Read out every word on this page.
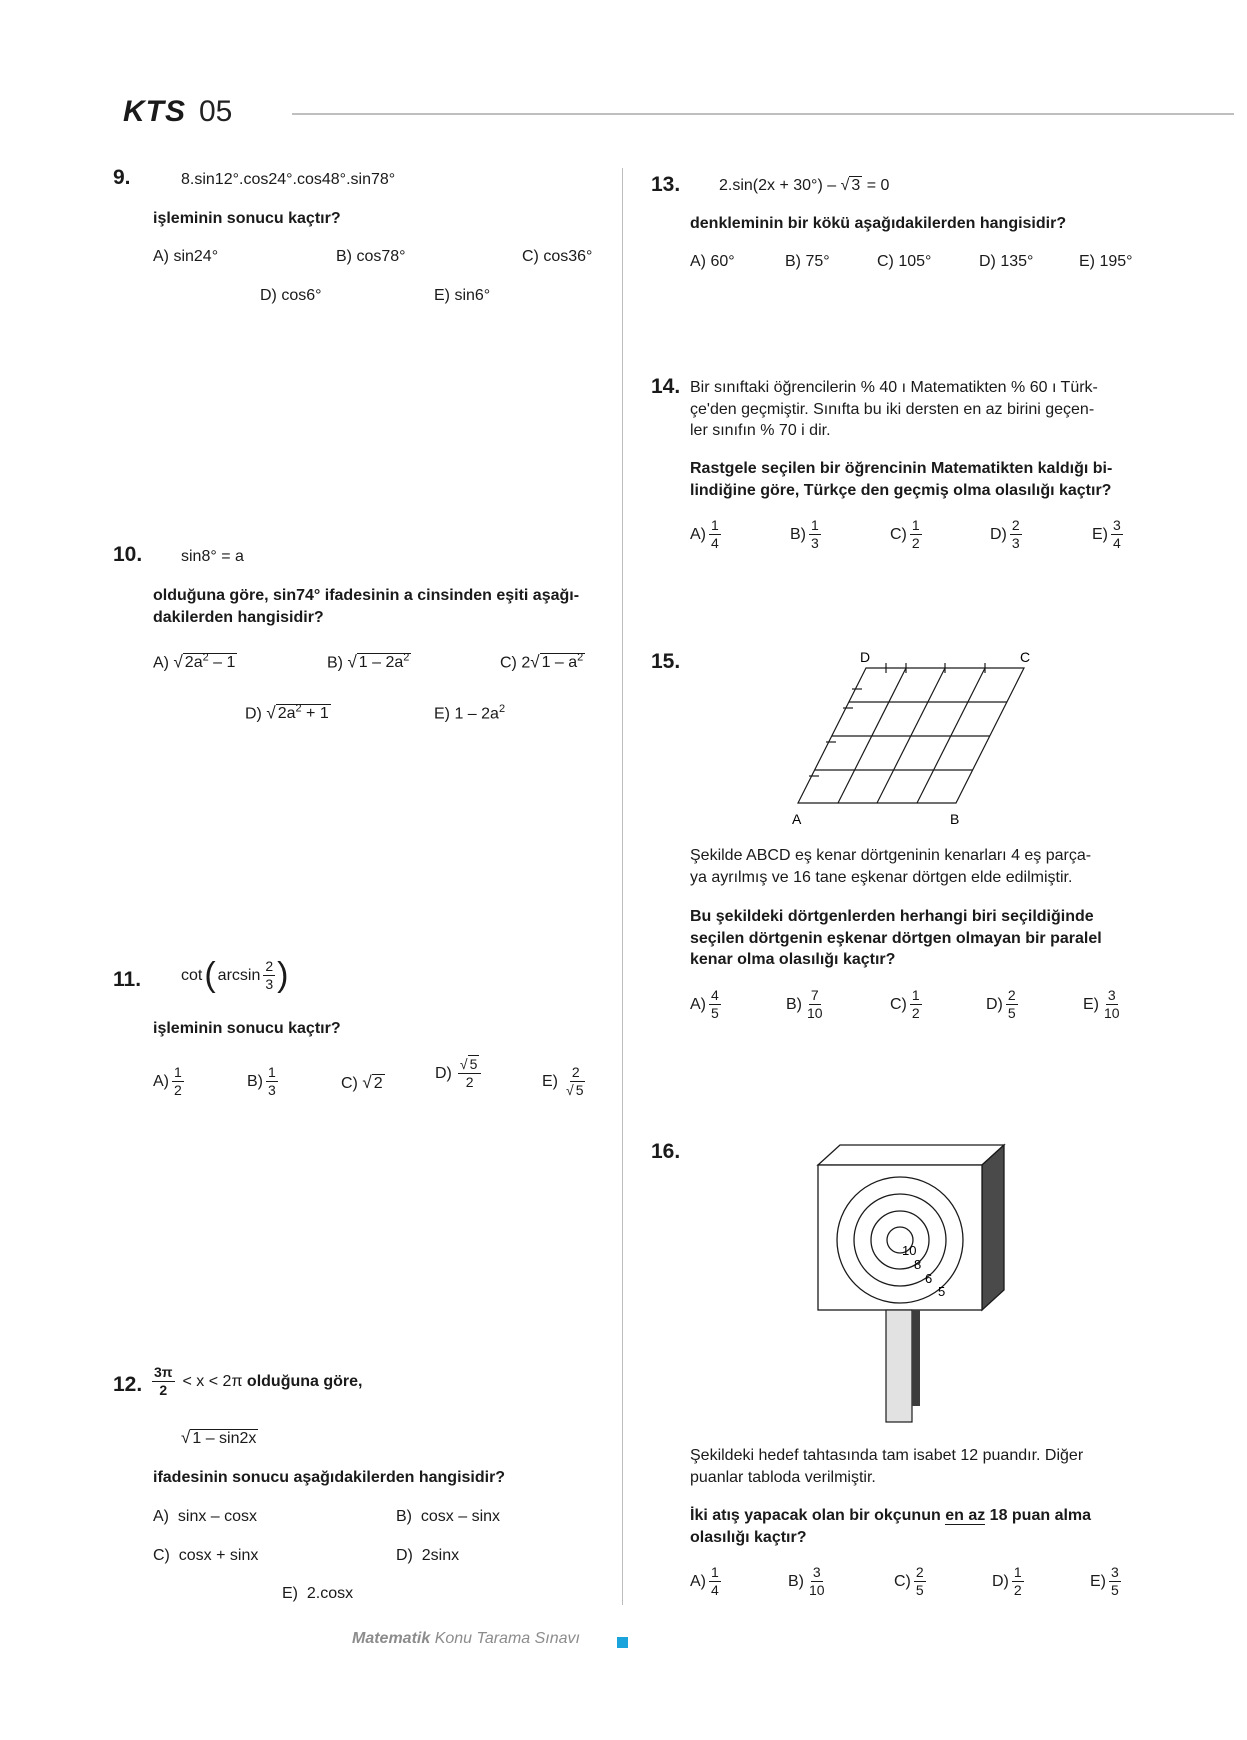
KTS 05
9.	8.sin12°.cos24°.cos48°.sin78°
işleminin sonucu kaçtır?
A) sin24°	B) cos78°	C) cos36°
D) cos6°	E) sin6°
10. sin8° = a
olduğuna göre, sin74° ifadesinin a cinsinden eşiti aşağı-
dakilerden hangisidir?
A) √ $2a^2 - 1$	B) √ $1 - 2a^2$	C) 2√ $1 - a^2$
D) √ $2a^2 + 1$	E) $1 - 2a^2$
11. cot ( $\arcsin \frac{2}{3}$ )
işleminin sonucu kaçtır?
$A) \frac{1}{2}$	$B) \frac{1}{3}$	C) √ 2
$D) \frac{√ 5}{2}$	$E) \frac{2}{√ 5}$
12. $\frac{3\pi}{2} < x < 2\pi$ olduğuna göre,
√ 1 – sin2x
ifadesinin sonucu aşağıdakilerden hangisidir?
A)  sinx – cosx	B)  cosx – sinx
C)  cosx + sinx	D)  2sinx
E)  2.cosx
13. 2.sin(2x + 30°) – √ 3 = 0
denkleminin bir kökü aşağıdakilerden hangisidir?
A) 60°	B) 75°	C) 105°	D) 135°	E) 195°
14. Bir sınıftaki öğrencilerin % 40 ı Matematikten % 60 ı Türk-
çe'den geçmiştir. Sınıfta bu iki dersten en az birini geçen-
ler sınıfın % 70 i dir.
Rastgele seçilen bir öğrencinin Matematikten kaldığı bi-
lindiğine göre, Türkçe den geçmiş olma olasılığı kaçtır?
$A) \frac{1}{4}$	$B) \frac{1}{3}$	$C) \frac{1}{2}$	$D) \frac{2}{3}$	$E) \frac{3}{4}$
15.
A	B
C
D
Şekilde ABCD eş kenar dörtgeninin kenarları 4 eş parça-
ya ayrılmış ve 16 tane eşkenar dörtgen elde edilmiştir.
Bu şekildeki dörtgenlerden herhangi biri seçildiğinde
seçilen dörtgenin eşkenar dörtgen olmayan bir paralel
kenar olma olasılığı kaçtır?
$A) \frac{4}{5}$	$B) \frac{7}{10}$	$C) \frac{1}{2}$	$D) \frac{2}{5}$	$E) \frac{3}{10}$
16.
10
8
6
5
Şekildeki hedef tahtasında tam isabet 12 puandır. Diğer
puanlar tabloda verilmiştir.
İki atış yapacak olan bir okçunun en az 18 puan alma
olasılığı kaçtır?
$A) \frac{1}{4}$	$B) \frac{3}{10}$	$C) \frac{2}{5}$	$D) \frac{1}{2}$	$E) \frac{3}{5}$
Matematik Konu Tarama Sınavı
